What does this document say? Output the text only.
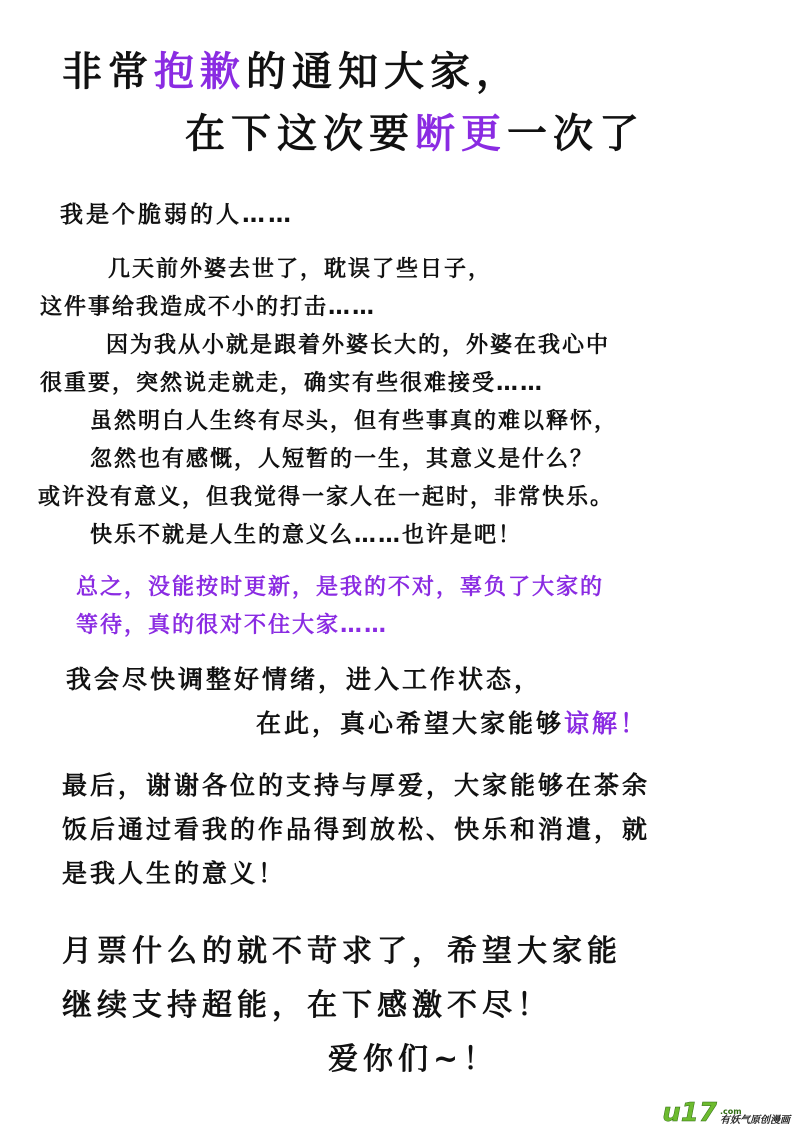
非常抱歉的通知大家，
在下这次要断更一次了
我是个脆弱的人……
几天前外婆去世了，耽误了些日子，
这件事给我造成不小的打击……
因为我从小就是跟着外婆长大的，外婆在我心中
很重要，突然说走就走，确实有些很难接受……
虽然明白人生终有尽头，但有些事真的难以释怀，
忽然也有感慨，人短暂的一生，其意义是什么？
或许没有意义，但我觉得一家人在一起时，非常快乐。
快乐不就是人生的意义么……也许是吧！
总之，没能按时更新，是我的不对，辜负了大家的
等待，真的很对不住大家……
我会尽快调整好情绪，进入工作状态，
在此，真心希望大家能够谅解！
最后，谢谢各位的支持与厚爱，大家能够在茶余
饭后通过看我的作品得到放松、快乐和消遣，就
是我人生的意义！
月票什么的就不苛求了，希望大家能
继续支持超能，在下感激不尽！
爱你们~！
u17 .com
有妖气原创漫画
